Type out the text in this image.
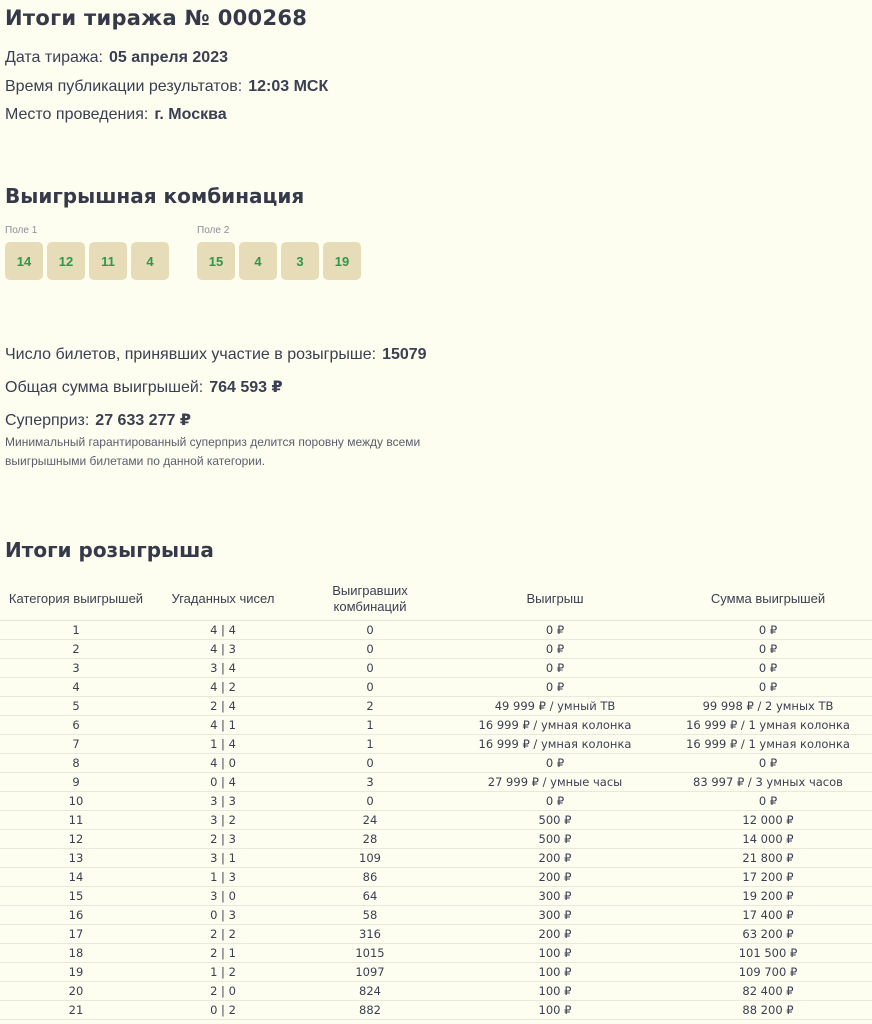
Итоги тиража № 000268
Дата тиража: 05 апреля 2023
Время публикации результатов: 12:03 МСК
Место проведения: г. Москва
Выигрышная комбинация
Поле 1
14	12	11	4
Поле 2
15	4	3	19
Число билетов, принявших участие в розыгрыше: 15079
Общая сумма выигрышей: 764 593 ₽
Суперприз: 27 633 277 ₽
Минимальный гарантированный суперприз делится поровну между всеми выигрышными билетами по данной категории.
Итоги розыгрыша
Категория выигрышей	Угаданных чисел	Выигравших комбинаций	Выигрыш	Сумма выигрышей
1	4 | 4	0	0 ₽	0 ₽
2	4 | 3	0	0 ₽	0 ₽
3	3 | 4	0	0 ₽	0 ₽
4	4 | 2	0	0 ₽	0 ₽
5	2 | 4	2	49 999 ₽ / умный ТВ	99 998 ₽ / 2 умных ТВ
6	4 | 1	1	16 999 ₽ / умная колонка	16 999 ₽ / 1 умная колонка
7	1 | 4	1	16 999 ₽ / умная колонка	16 999 ₽ / 1 умная колонка
8	4 | 0	0	0 ₽	0 ₽
9	0 | 4	3	27 999 ₽ / умные часы	83 997 ₽ / 3 умных часов
10	3 | 3	0	0 ₽	0 ₽
11	3 | 2	24	500 ₽	12 000 ₽
12	2 | 3	28	500 ₽	14 000 ₽
13	3 | 1	109	200 ₽	21 800 ₽
14	1 | 3	86	200 ₽	17 200 ₽
15	3 | 0	64	300 ₽	19 200 ₽
16	0 | 3	58	300 ₽	17 400 ₽
17	2 | 2	316	200 ₽	63 200 ₽
18	2 | 1	1015	100 ₽	101 500 ₽
19	1 | 2	1097	100 ₽	109 700 ₽
20	2 | 0	824	100 ₽	82 400 ₽
21	0 | 2	882	100 ₽	88 200 ₽
